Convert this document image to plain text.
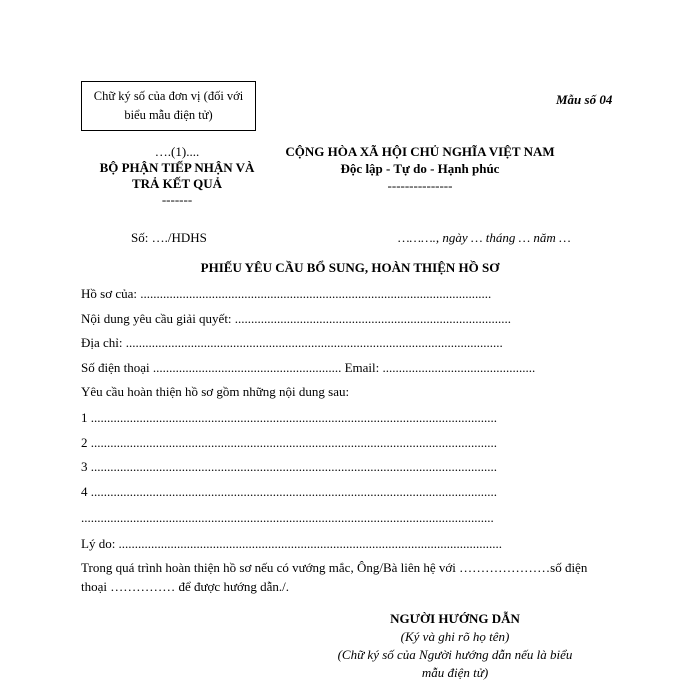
Chữ ký số của đơn vị (đối với
biểu mẫu điện tử)
Mẫu số 04
….(1)....
BỘ PHẬN TIẾP NHẬN VÀ
TRẢ KẾT QUẢ
-------
CỘNG HÒA XÃ HỘI CHỦ NGHĨA VIỆT NAM
Độc lập - Tự do - Hạnh phúc
---------------
Số: …./HDHS	………., ngày … tháng … năm …
PHIẾU YÊU CẦU BỔ SUNG, HOÀN THIỆN HỒ SƠ
Hồ sơ của: ............................................................................................................
Nội dung yêu cầu giải quyết: .....................................................................................
Địa chỉ: ....................................................................................................................
Số điện thoại .......................................................... Email: ...............................................
Yêu cầu hoàn thiện hồ sơ gồm những nội dung sau:
1 .............................................................................................................................
2 .............................................................................................................................
3 .............................................................................................................................
4 .............................................................................................................................
...............................................................................................................................
Lý do: ......................................................................................................................
Trong quá trình hoàn thiện hồ sơ nếu có vướng mắc, Ông/Bà liên hệ với …………………số điện
thoại …………… để được hướng dẫn./.
NGƯỜI HƯỚNG DẪN
(Ký và ghi rõ họ tên)
(Chữ ký số của Người hướng dẫn nếu là biểu
mẫu điện tử)
